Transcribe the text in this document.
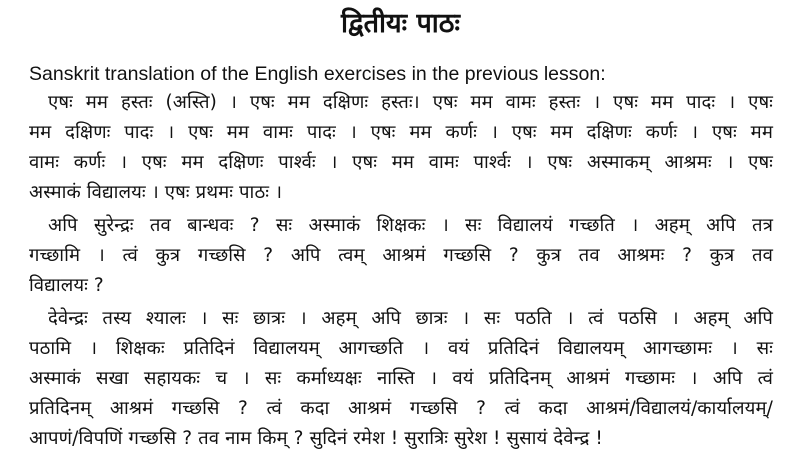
द्वितीयः पाठः
Sanskrit translation of the English exercises in the previous lesson:
एषः मम हस्तः (अस्ति) । एषः मम दक्षिणः हस्तः। एषः मम वामः हस्तः । एषः मम पादः । एषः
मम दक्षिणः पादः । एषः मम वामः पादः । एषः मम कर्णः । एषः मम दक्षिणः कर्णः । एषः मम
वामः कर्णः । एषः मम दक्षिणः पार्श्वः । एषः मम वामः पार्श्वः । एषः अस्माकम् आश्रमः । एषः
अस्माकं विद्यालयः । एषः प्रथमः पाठः ।
अपि सुरेन्द्रः तव बान्धवः ? सः अस्माकं शिक्षकः । सः विद्यालयं गच्छति । अहम् अपि तत्र
गच्छामि । त्वं कुत्र गच्छसि ? अपि त्वम् आश्रमं गच्छसि ? कुत्र तव आश्रमः ? कुत्र तव
विद्यालयः ?
देवेन्द्रः तस्य श्यालः । सः छात्रः । अहम् अपि छात्रः । सः पठति । त्वं पठसि । अहम् अपि
पठामि । शिक्षकः प्रतिदिनं विद्यालयम् आगच्छति । वयं प्रतिदिनं विद्यालयम् आगच्छामः । सः
अस्माकं सखा सहायकः च । सः कर्माध्यक्षः नास्ति । वयं प्रतिदिनम् आश्रमं गच्छामः । अपि त्वं
प्रतिदिनम् आश्रमं गच्छसि ? त्वं कदा आश्रमं गच्छसि ? त्वं कदा आश्रमं/विद्यालयं/कार्यालयम्/
आपणं/विपणिं गच्छसि ? तव नाम किम् ? सुदिनं रमेश ! सुरात्रिः सुरेश ! सुसायं देवेन्द्र !
